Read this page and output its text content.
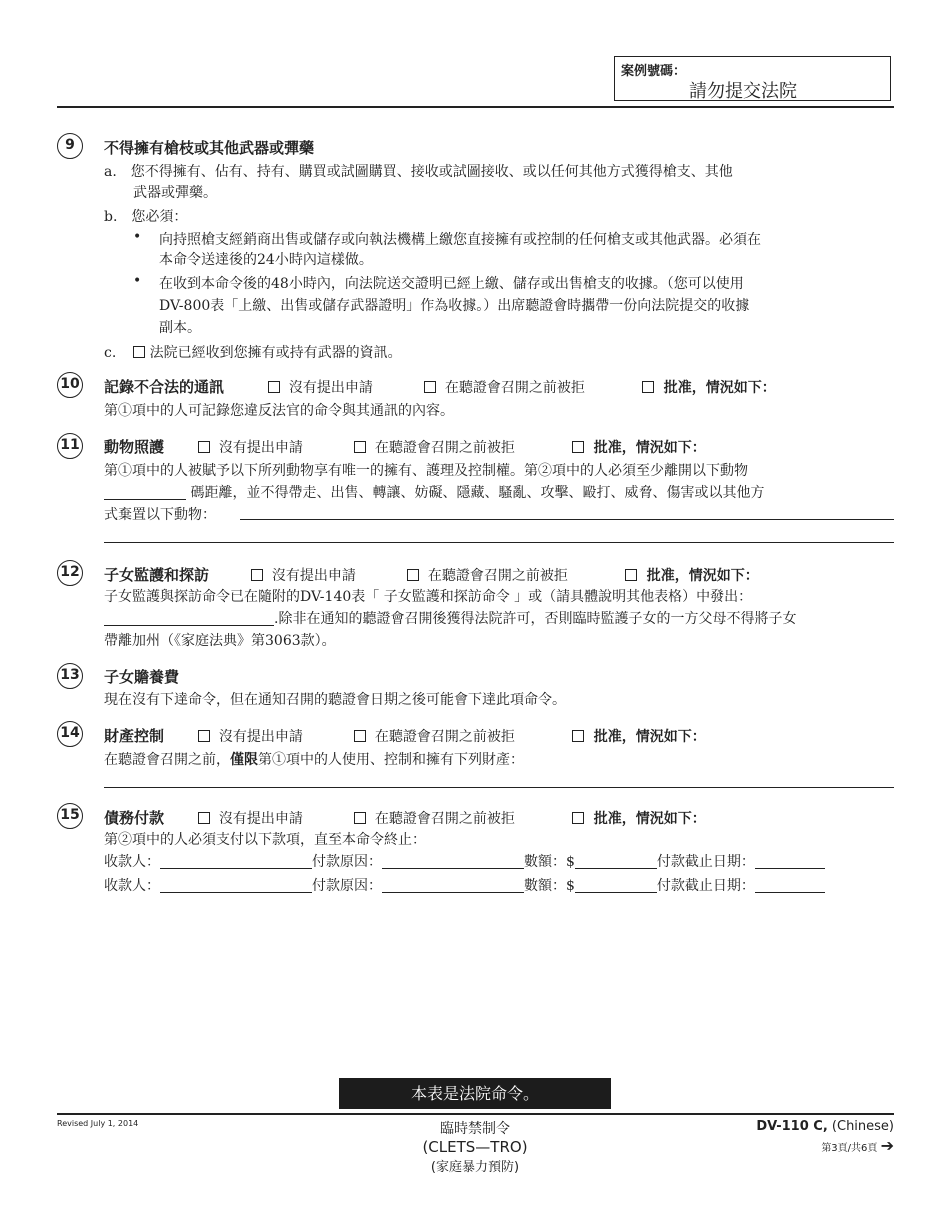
案例號碼：
請勿提交法院
9	不得擁有槍枝或其他武器或彈藥
a.　您不得擁有、佔有、持有、購買或試圖購買、接收或試圖接收、或以任何其他方式獲得槍支、其他
武器或彈藥。
b.　您必須：
• 向持照槍支經銷商出售或儲存或向執法機構上繳您直接擁有或控制的任何槍支或其他武器。必須在
本命令送達後的24小時內這樣做。
• 在收到本命令後的48小時內，向法院送交證明已經上繳、儲存或出售槍支的收據。（您可以使用
DV-800表「上繳、出售或儲存武器證明」作為收據。）出席聽證會時攜帶一份向法院提交的收據
副本。
c. 法院已經收到您擁有或持有武器的資訊。
10 記錄不合法的通訊	沒有提出申請	在聽證會召開之前被拒	批准，情況如下：
第①項中的人可記錄您違反法官的命令與其通訊的內容。
11 動物照護	沒有提出申請	在聽證會召開之前被拒	批准，情況如下：
第①項中的人被賦予以下所列動物享有唯一的擁有、護理及控制權。第②項中的人必須至少離開以下動物
碼距離，並不得帶走、出售、轉讓、妨礙、隱藏、騷亂、攻擊、毆打、威脅、傷害或以其他方
式棄置以下動物：
12 子女監護和探訪	沒有提出申請	在聽證會召開之前被拒	批准，情況如下：
子女監護與探訪命令已在隨附的DV-140表「 子女監護和探訪命令 」或（請具體說明其他表格）中發出：
.除非在通知的聽證會召開後獲得法院許可，否則臨時監護子女的一方父母不得將子女
帶離加州（《家庭法典》第3063款）。
13 子女贍養費
現在沒有下達命令，但在通知召開的聽證會日期之後可能會下達此項命令。
14 財產控制	沒有提出申請	在聽證會召開之前被拒	批准，情況如下：
在聽證會召開之前，僅限第①項中的人使用、控制和擁有下列財產：
15 債務付款	沒有提出申請	在聽證會召開之前被拒	批准，情況如下：
第②項中的人必須支付以下款項，直至本命令終止：
收款人：	付款原因：	數額：$	付款截止日期：
收款人：	付款原因：	數額：$	付款截止日期：
本表是法院命令。
Revised July 1, 2014	臨時禁制令
(CLETS—TRO)
(家庭暴力預防)
DV-110 C, (Chinese)
第3頁/共6頁 ➔
